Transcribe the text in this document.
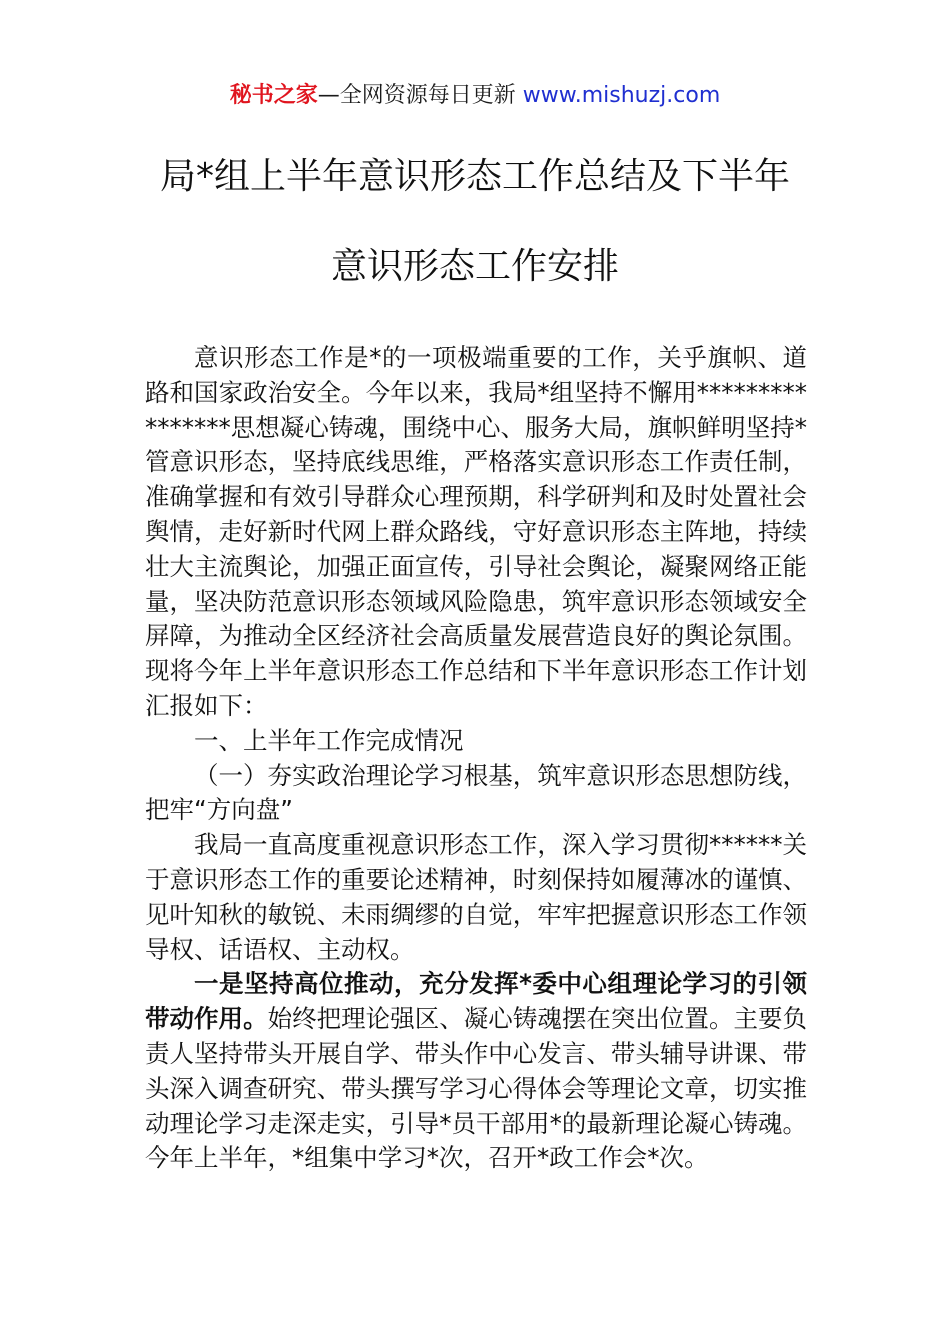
秘书之家—全网资源每日更新 www.mishuzj.com
局*组上半年意识形态工作总结及下半年
意识形态工作安排

意识形态工作是*的一项极端重要的工作，关乎旗帜、道路和国家政治安全。今年以来，我局*组坚持不懈用****************思想凝心铸魂，围绕中心、服务大局，旗帜鲜明坚持*管意识形态，坚持底线思维，严格落实意识形态工作责任制，准确掌握和有效引导群众心理预期，科学研判和及时处置社会舆情，走好新时代网上群众路线，守好意识形态主阵地，持续壮大主流舆论，加强正面宣传，引导社会舆论，凝聚网络正能量，坚决防范意识形态领域风险隐患，筑牢意识形态领域安全屏障，为推动全区经济社会高质量发展营造良好的舆论氛围。现将今年上半年意识形态工作总结和下半年意识形态工作计划汇报如下：

一、上半年工作完成情况

（一）夯实政治理论学习根基，筑牢意识形态思想防线，把牢“方向盘”

我局一直高度重视意识形态工作，深入学习贯彻******关于意识形态工作的重要论述精神，时刻保持如履薄冰的谨慎、见叶知秋的敏锐、未雨绸缪的自觉，牢牢把握意识形态工作领导权、话语权、主动权。

一是坚持高位推动，充分发挥*委中心组理论学习的引领带动作用。始终把理论强区、凝心铸魂摆在突出位置。主要负责人坚持带头开展自学、带头作中心发言、带头辅导讲课、带头深入调查研究、带头撰写学习心得体会等理论文章，切实推动理论学习走深走实，引导*员干部用*的最新理论凝心铸魂。今年上半年，*组集中学习*次，召开*政工作会*次。
